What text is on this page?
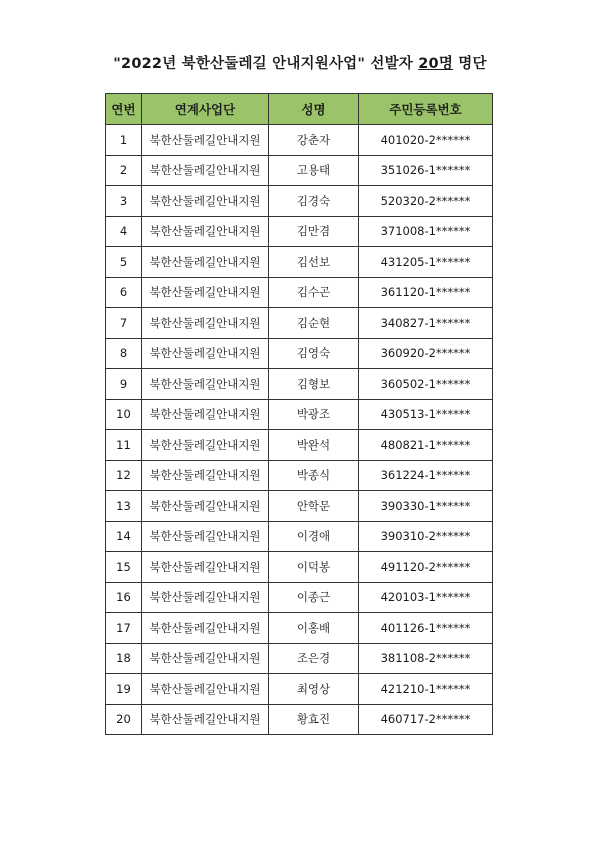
"2022년 북한산둘레길 안내지원사업" 선발자 20명 명단
연번	연계사업단	성명	주민등록번호
1	북한산둘레길안내지원	강춘자	401020-2******
2	북한산둘레길안내지원	고용태	351026-1******
3	북한산둘레길안내지원	김경숙	520320-2******
4	북한산둘레길안내지원	김만겸	371008-1******
5	북한산둘레길안내지원	김선보	431205-1******
6	북한산둘레길안내지원	김수곤	361120-1******
7	북한산둘레길안내지원	김순현	340827-1******
8	북한산둘레길안내지원	김영숙	360920-2******
9	북한산둘레길안내지원	김형보	360502-1******
10	북한산둘레길안내지원	박광조	430513-1******
11	북한산둘레길안내지원	박완석	480821-1******
12	북한산둘레길안내지원	박종식	361224-1******
13	북한산둘레길안내지원	안학문	390330-1******
14	북한산둘레길안내지원	이경애	390310-2******
15	북한산둘레길안내지원	이덕봉	491120-2******
16	북한산둘레길안내지원	이종근	420103-1******
17	북한산둘레길안내지원	이홍배	401126-1******
18	북한산둘레길안내지원	조은경	381108-2******
19	북한산둘레길안내지원	최영상	421210-1******
20	북한산둘레길안내지원	황효진	460717-2******
